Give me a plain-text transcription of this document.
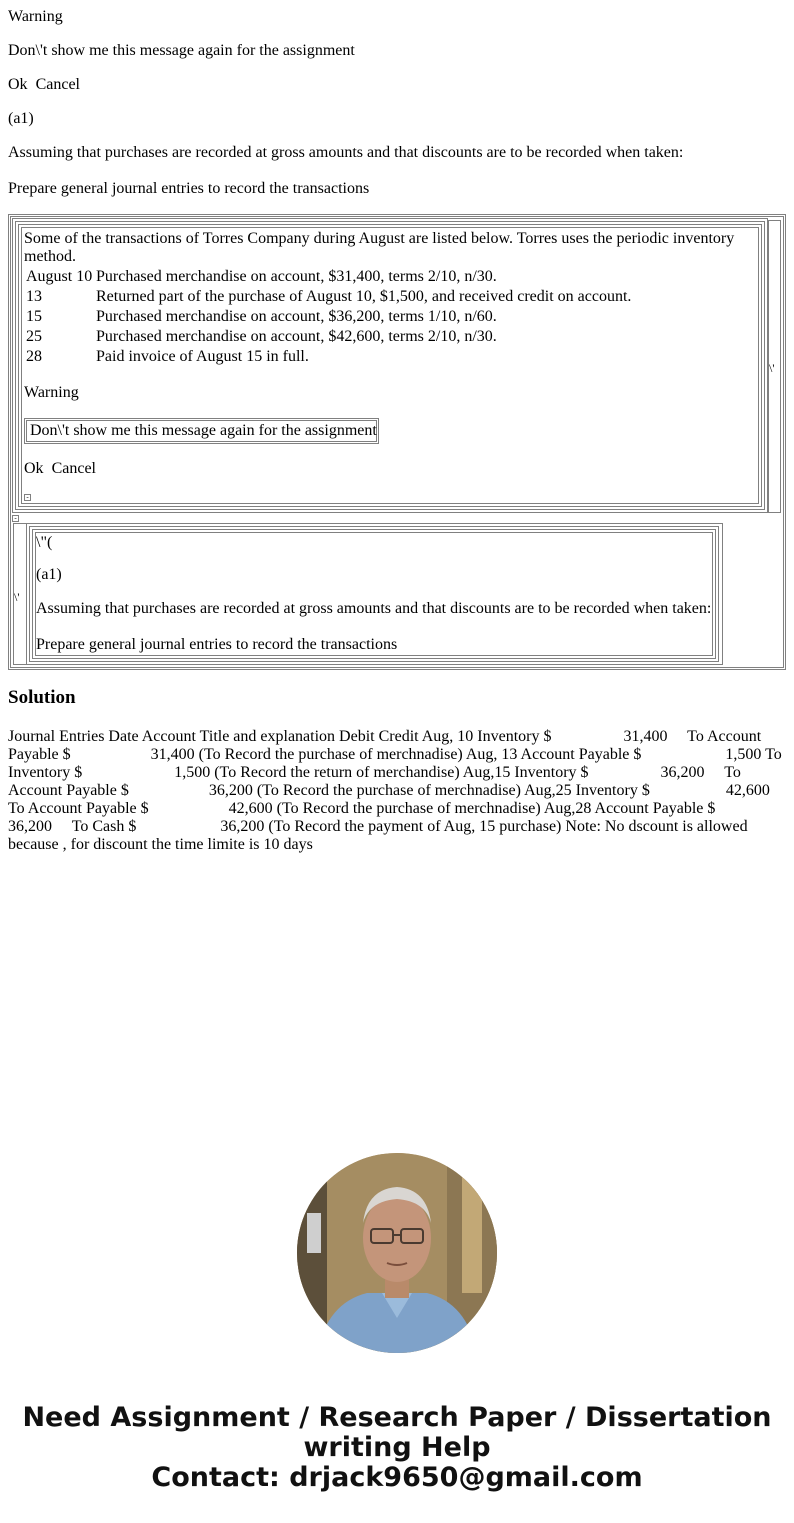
Warning
Don\'t show me this message again for the assignment
Ok Cancel
(a1)
Assuming that purchases are recorded at gross amounts and that discounts are to be recorded when taken:
Prepare general journal entries to record the transactions
\'
Some of the transactions of Torres Company during August are listed below. Torres uses the periodic inventory
method.
August 10 Purchased merchandise on account, $31,400, terms 2/10, n/30.
13	Returned part of the purchase of August 10, $1,500, and received credit on account.
15	Purchased merchandise on account, $36,200, terms 1/10, n/60.
25	Purchased merchandise on account, $42,600, terms 2/10, n/30.
28	Paid invoice of August 15 in full.
Warning
Don\'t show me this message again for the assignment
Ok Cancel
-
-
\'
\"(
(a1)
Assuming that purchases are recorded at gross amounts and that discounts are to be recorded when taken:
Prepare general journal entries to record the transactions
Solution
Journal Entries Date Account Title and explanation Debit Credit Aug, 10 Inventory $                  31,400     To Account Payable $                    31,400 (To Record the purchase of merchnadise) Aug, 13 Account Payable $                     1,500 To Inventory $                       1,500 (To Record the return of merchandise) Aug,15 Inventory $                  36,200     To Account Payable $                    36,200 (To Record the purchase of merchnadise) Aug,25 Inventory $                   42,600 To Account Payable $                    42,600 (To Record the purchase of merchnadise) Aug,28 Account Payable $                  36,200     To Cash $                     36,200 (To Record the payment of Aug, 15 purchase) Note: No dscount is allowed because , for discount the time limite is 10 days
Need Assignment / Research Paper / Dissertation
writing Help
Contact: drjack9650@gmail.com
